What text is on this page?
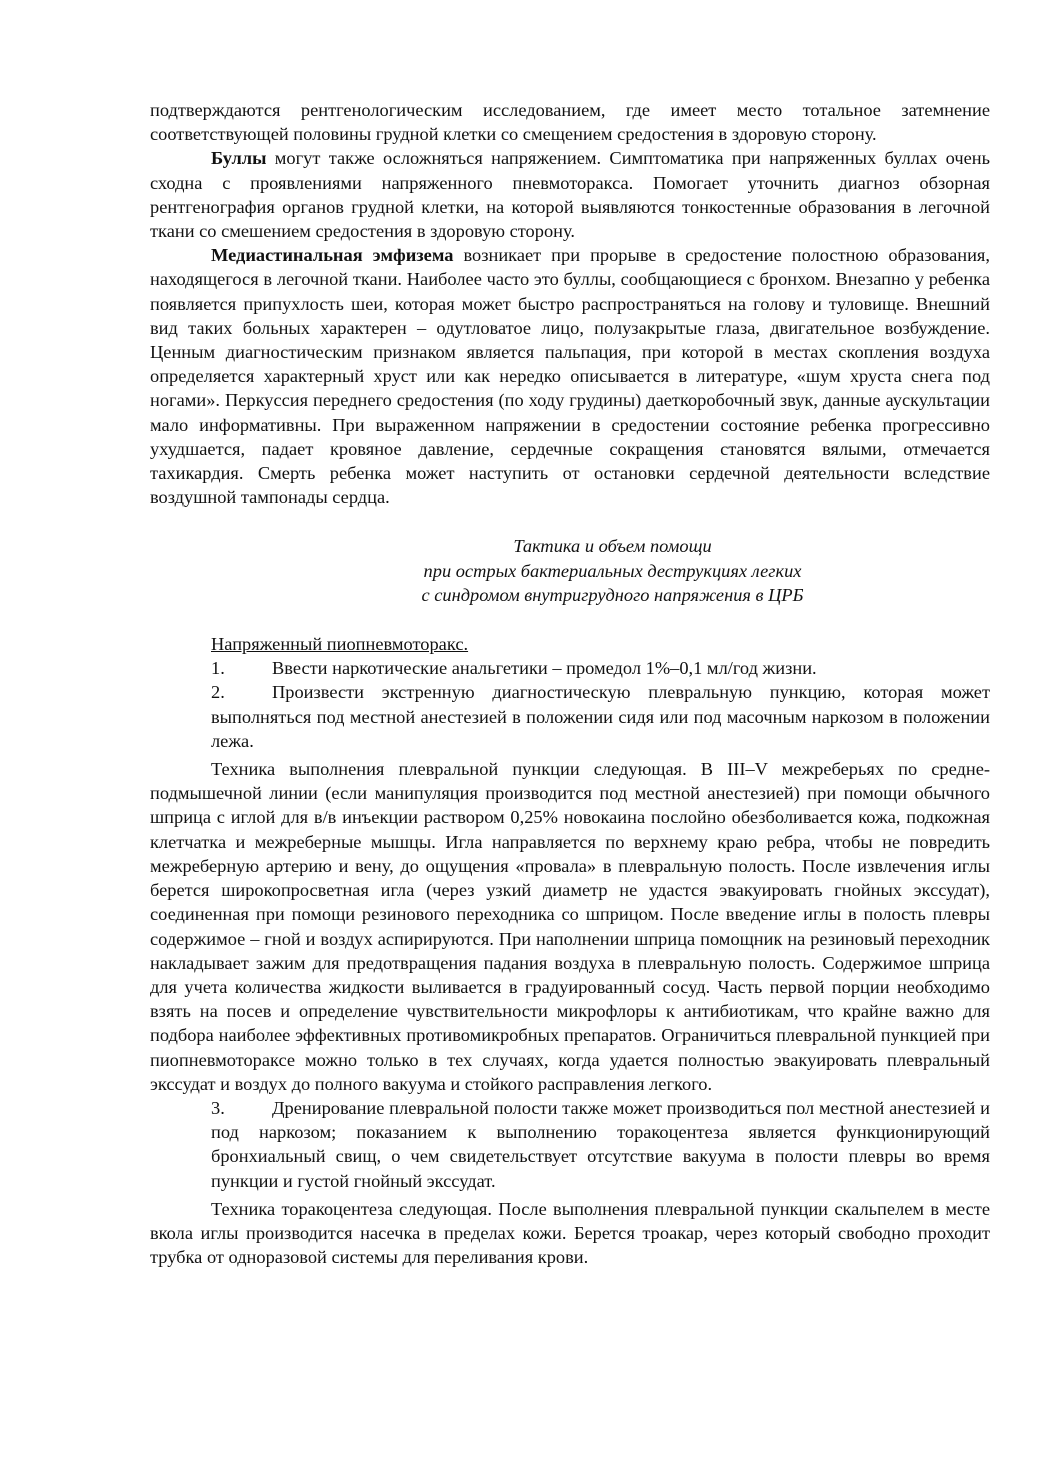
подтверждаются рентгенологическим исследованием, где имеет место тотальное затемнение соответствующей половины грудной клетки со смещением средостения в здоровую сторону.

Буллы могут также осложняться напряжением. Симптоматика при напряженных буллах очень сходна с проявлениями напряженного пневмоторакса. Помогает уточнить диагноз обзорная рентгенография органов грудной клетки, на которой выявляются тонкостенные образования в легочной ткани со смешением средостения в здоровую сторону.

Медиастинальная эмфизема возникает при прорыве в средостение полостною образования, находящегося в легочной ткани. Наиболее часто это буллы, сообщающиеся с бронхом. Внезапно у ребенка появляется припухлость шеи, которая может быстро распространяться на голову и туловище. Внешний вид таких больных характерен – одутловатое лицо, полузакрытые глаза, двигательное возбуждение. Ценным диагностическим признаком является пальпация, при которой в местах скопления воздуха определяется характерный хруст или как нередко описывается в литературе, «шум хруста снега под ногами». Перкуссия переднего средостения (по ходу грудины) даеткоробочный звук, данные аускультации мало информативны. При выраженном напряжении в средостении состояние ребенка прогрессивно ухудшается, падает кровяное давление, сердечные сокращения становятся вялыми, отмечается тахикардия. Смерть ребенка может наступить от остановки сердечной деятельности вследствие воздушной тампонады сердца.

Тактика и объем помощи
при острых бактериальных деструкциях легких
с синдромом внутригрудного напряжения в ЦРБ
Напряженный пиопневмоторакс.

1.	Ввести наркотические анальгетики – промедол 1%–0,1 мл/год жизни.

2.	Произвести экстренную диагностическую плевральную пункцию, которая может выполняться под местной анестезией в положении сидя или под масочным наркозом в положении лежа.

Техника выполнения плевральной пункции следующая. В III–V межреберьях по средне-подмышечной линии (если манипуляция производится под местной анестезией) при помощи обычного шприца с иглой для в/в инъекции раствором 0,25% новокаина послойно обезболивается кожа, подкожная клетчатка и межреберные мышцы. Игла направляется по верхнему краю ребра, чтобы не повредить межреберную артерию и вену, до ощущения «провала» в плевральную полость. После извлечения иглы берется широкопросветная игла (через узкий диаметр не удастся эвакуировать гнойных экссудат), соединенная при помощи резинового переходника со шприцом. После введение иглы в полость плевры содержимое – гной и воздух аспирируются. При наполнении шприца помощник на резиновый переходник накладывает зажим для предотвращения падания воздуха в плевральную полость. Содержимое шприца для учета количества жидкости выливается в градуированный сосуд. Часть первой порции необходимо взять на посев и определение чувствительности микрофлоры к антибиотикам, что крайне важно для подбора наиболее эффективных противомикробных препаратов. Ограничиться плевральной пункцией при пиопневмотораксе можно только в тех случаях, когда удается полностью эвакуировать плевральный экссудат и воздух до полного вакуума и стойкого расправления легкого.

3.	Дренирование плевральной полости также может производиться пол местной анестезией и под наркозом; показанием к выполнению торакоцентеза является функционирующий бронхиальный свищ, о чем свидетельствует отсутствие вакуума в полости плевры во время пункции и густой гнойный экссудат.

Техника торакоцентеза следующая. После выполнения плевральной пункции скальпелем в месте вкола иглы производится насечка в пределах кожи. Берется троакар, через который свободно проходит трубка от одноразовой системы для переливания крови.
